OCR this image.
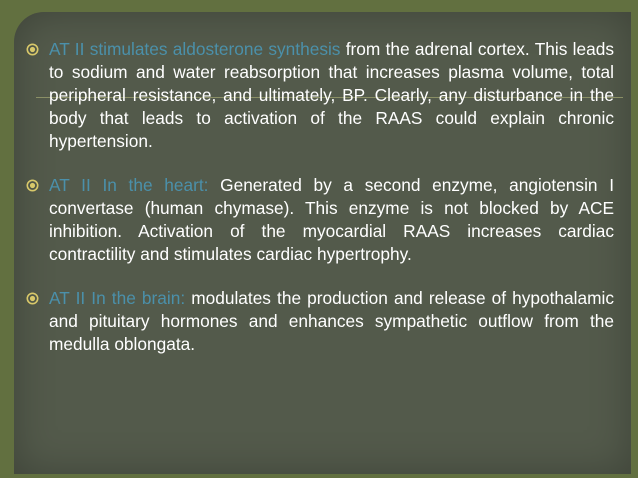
AT II stimulates aldosterone synthesis from the adrenal cortex. This leads to sodium and water reabsorption that increases plasma volume, total peripheral resistance, and ultimately, BP. Clearly, any disturbance in the body that leads to activation of the RAAS could explain chronic hypertension.
AT II In the heart: Generated by a second enzyme, angiotensin I convertase (human chymase). This enzyme is not blocked by ACE inhibition. Activation of the myocardial RAAS increases cardiac contractility and stimulates cardiac hypertrophy.
AT II In the brain: modulates the production and release of hypothalamic and pituitary hormones and enhances sympathetic outflow from the medulla oblongata.
